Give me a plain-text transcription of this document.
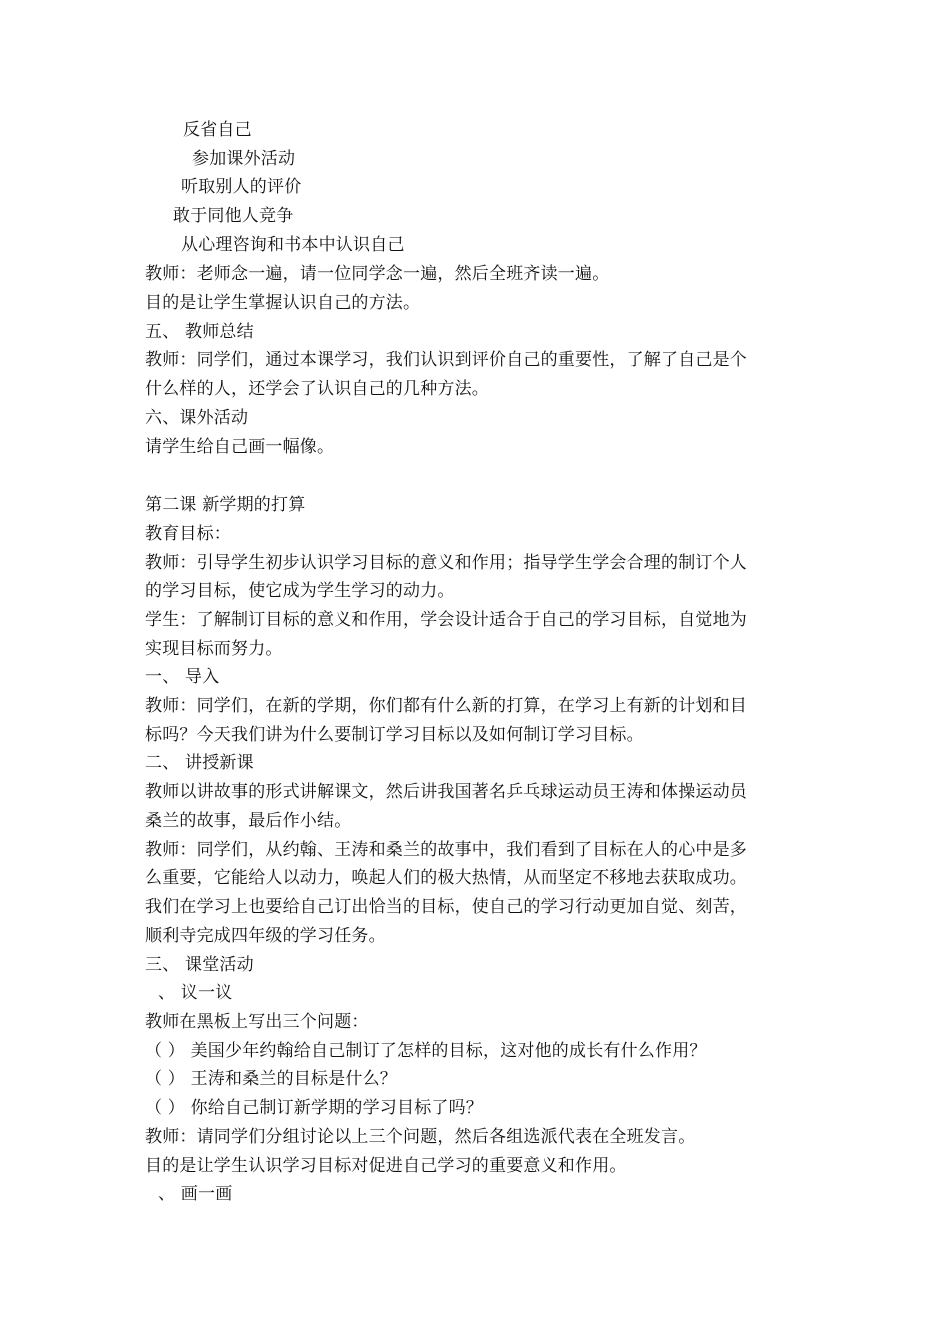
反省自己
参加课外活动
听取别人的评价
敢于同他人竞争
从心理咨询和书本中认识自己
教师：老师念一遍，请一位同学念一遍，然后全班齐读一遍。
目的是让学生掌握认识自己的方法。
五、 教师总结
教师：同学们，通过本课学习，我们认识到评价自己的重要性，了解了自己是个
什么样的人，还学会了认识自己的几种方法。
六、课外活动
请学生给自己画一幅像。
第二课 新学期的打算
教育目标：
教师：引导学生初步认识学习目标的意义和作用；指导学生学会合理的制订个人
的学习目标，使它成为学生学习的动力。
学生：了解制订目标的意义和作用，学会设计适合于自己的学习目标，自觉地为
实现目标而努力。
一、 导入
教师：同学们，在新的学期，你们都有什么新的打算，在学习上有新的计划和目
标吗？今天我们讲为什么要制订学习目标以及如何制订学习目标。
二、 讲授新课
教师以讲故事的形式讲解课文，然后讲我国著名乒乓球运动员王涛和体操运动员
桑兰的故事，最后作小结。
教师：同学们，从约翰、王涛和桑兰的故事中，我们看到了目标在人的心中是多
么重要，它能给人以动力，唤起人们的极大热情，从而坚定不移地去获取成功。
我们在学习上也要给自己订出恰当的目标，使自己的学习行动更加自觉、刻苦，
顺利寺完成四年级的学习任务。
三、 课堂活动
、 议一议
教师在黑板上写出三个问题：
（ ） 美国少年约翰给自己制订了怎样的目标，这对他的成长有什么作用？
（ ） 王涛和桑兰的目标是什么？
（ ） 你给自己制订新学期的学习目标了吗？
教师：请同学们分组讨论以上三个问题，然后各组选派代表在全班发言。
目的是让学生认识学习目标对促进自己学习的重要意义和作用。
、 画一画
